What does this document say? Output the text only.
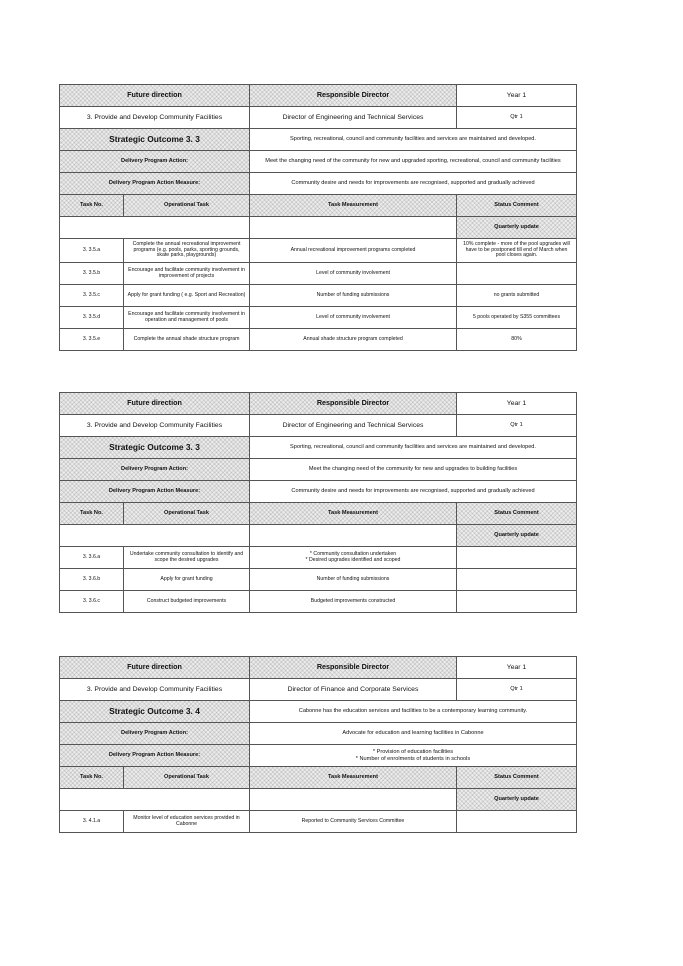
Future direction		Responsible Director	Year 1
3. Provide and Develop Community Facilities		Director of Engineering and Technical Services	Qtr 1
Strategic Outcome 3. 3		Sporting, recreational, council and community facilities and services are maintained and developed.	
Delivery Program Action:		Meet the changing need of the community for new and upgraded sporting, recreational, council and community facilities	
Delivery Program Action Measure:		Community desire and needs for improvements are recognised, supported and gradually achieved	
Task No.	Operational Task	Task Measurement	Status Comment
			Quarterly update
3. 3.5.a	Complete the annual recreational improvement programs (e.g. pools, parks, sporting grounds, skate parks, playgrounds)	Annual recreational improvement programs completed	10% complete - more of the pool upgrades will have to be postponed till end of March when pool closes again.
3. 3.5.b	Encourage and facilitate community involvement in improvement of projects	Level of community involvement	
3. 3.5.c	Apply for grant funding ( e.g. Sport and Recreation)	Number of funding submissions	no grants submitted
3. 3.5.d	Encourage and facilitate community involvement in operation and management of pools	Level of community involvement	5 pools operated by S355 committees
3. 3.5.e	Complete the annual shade structure program	Annual shade structure program completed	80%
Future direction		Responsible Director	Year 1
3. Provide and Develop Community Facilities		Director of Engineering and Technical Services	Qtr 1
Strategic Outcome 3. 3		Sporting, recreational, council and community facilities and services are maintained and developed.	
Delivery Program Action:		Meet the changing need of the community for new and upgrades to building facilities	
Delivery Program Action Measure:		Community desire and needs for improvements are recognised, supported and gradually achieved	
Task No.	Operational Task	Task Measurement	Status Comment
			Quarterly update
3. 3.6.a	Undertake community consultation to identify and scope the desired upgrades	* Community consultation undertaken
* Desired upgrades identified and scoped	
3. 3.6.b	Apply for grant funding	Number of funding submissions	
3. 3.6.c	Construct budgeted improvements	Budgeted improvements constructed	
Future direction		Responsible Director	Year 1
3. Provide and Develop Community Facilities		Director of Finance and Corporate Services	Qtr 1
Strategic Outcome 3. 4		Cabonne has the education services and facilities to be a contemporary learning community.	
Delivery Program Action:		Advocate for education and learning facilities in Cabonne	
Delivery Program Action Measure:		* Provision of education facilities
* Number of enrolments of students in schools	
Task No.	Operational Task	Task Measurement	Status Comment
			Quarterly update
3. 4.1.a	Monitor level of education services provided in Cabonne	Reported to Community Services Committee	
